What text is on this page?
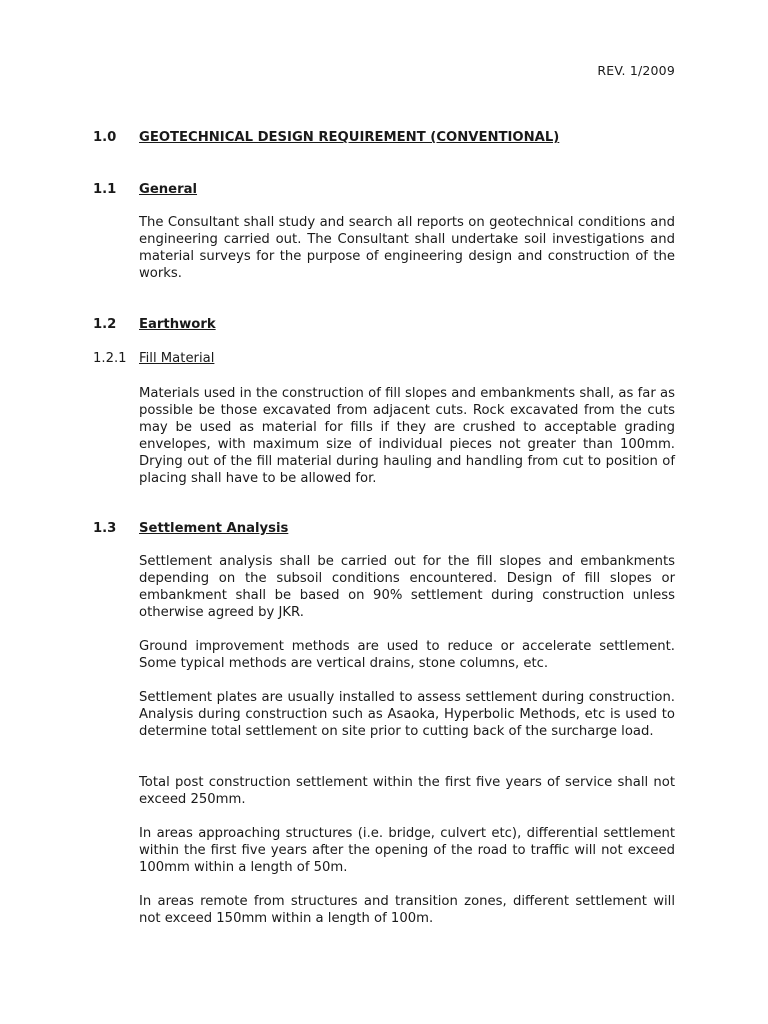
REV. 1/2009
1.0 GEOTECHNICAL DESIGN REQUIREMENT (CONVENTIONAL)
1.1 General

The Consultant shall study and search all reports on geotechnical conditions and engineering carried out. The Consultant shall undertake soil investigations and material surveys for the purpose of engineering design and construction of the works.

1.2 Earthwork
1.2.1 Fill Material

Materials used in the construction of fill slopes and embankments shall, as far as possible be those excavated from adjacent cuts. Rock excavated from the cuts may be used as material for fills if they are crushed to acceptable grading envelopes, with maximum size of individual pieces not greater than 100mm. Drying out of the fill material during hauling and handling from cut to position of placing shall have to be allowed for.

1.3 Settlement Analysis

Settlement analysis shall be carried out for the fill slopes and embankments depending on the subsoil conditions encountered. Design of fill slopes or embankment shall be based on 90% settlement during construction unless otherwise agreed by JKR.

Ground improvement methods are used to reduce or accelerate settlement. Some typical methods are vertical drains, stone columns, etc.

Settlement plates are usually installed to assess settlement during construction. Analysis during construction such as Asaoka, Hyperbolic Methods, etc is used to determine total settlement on site prior to cutting back of the surcharge load.

Total post construction settlement within the first five years of service shall not exceed 250mm.

In areas approaching structures (i.e. bridge, culvert etc), differential settlement within the first five years after the opening of the road to traffic will not exceed 100mm within a length of 50m.

In areas remote from structures and transition zones, different settlement will not exceed 150mm within a length of 100m.
